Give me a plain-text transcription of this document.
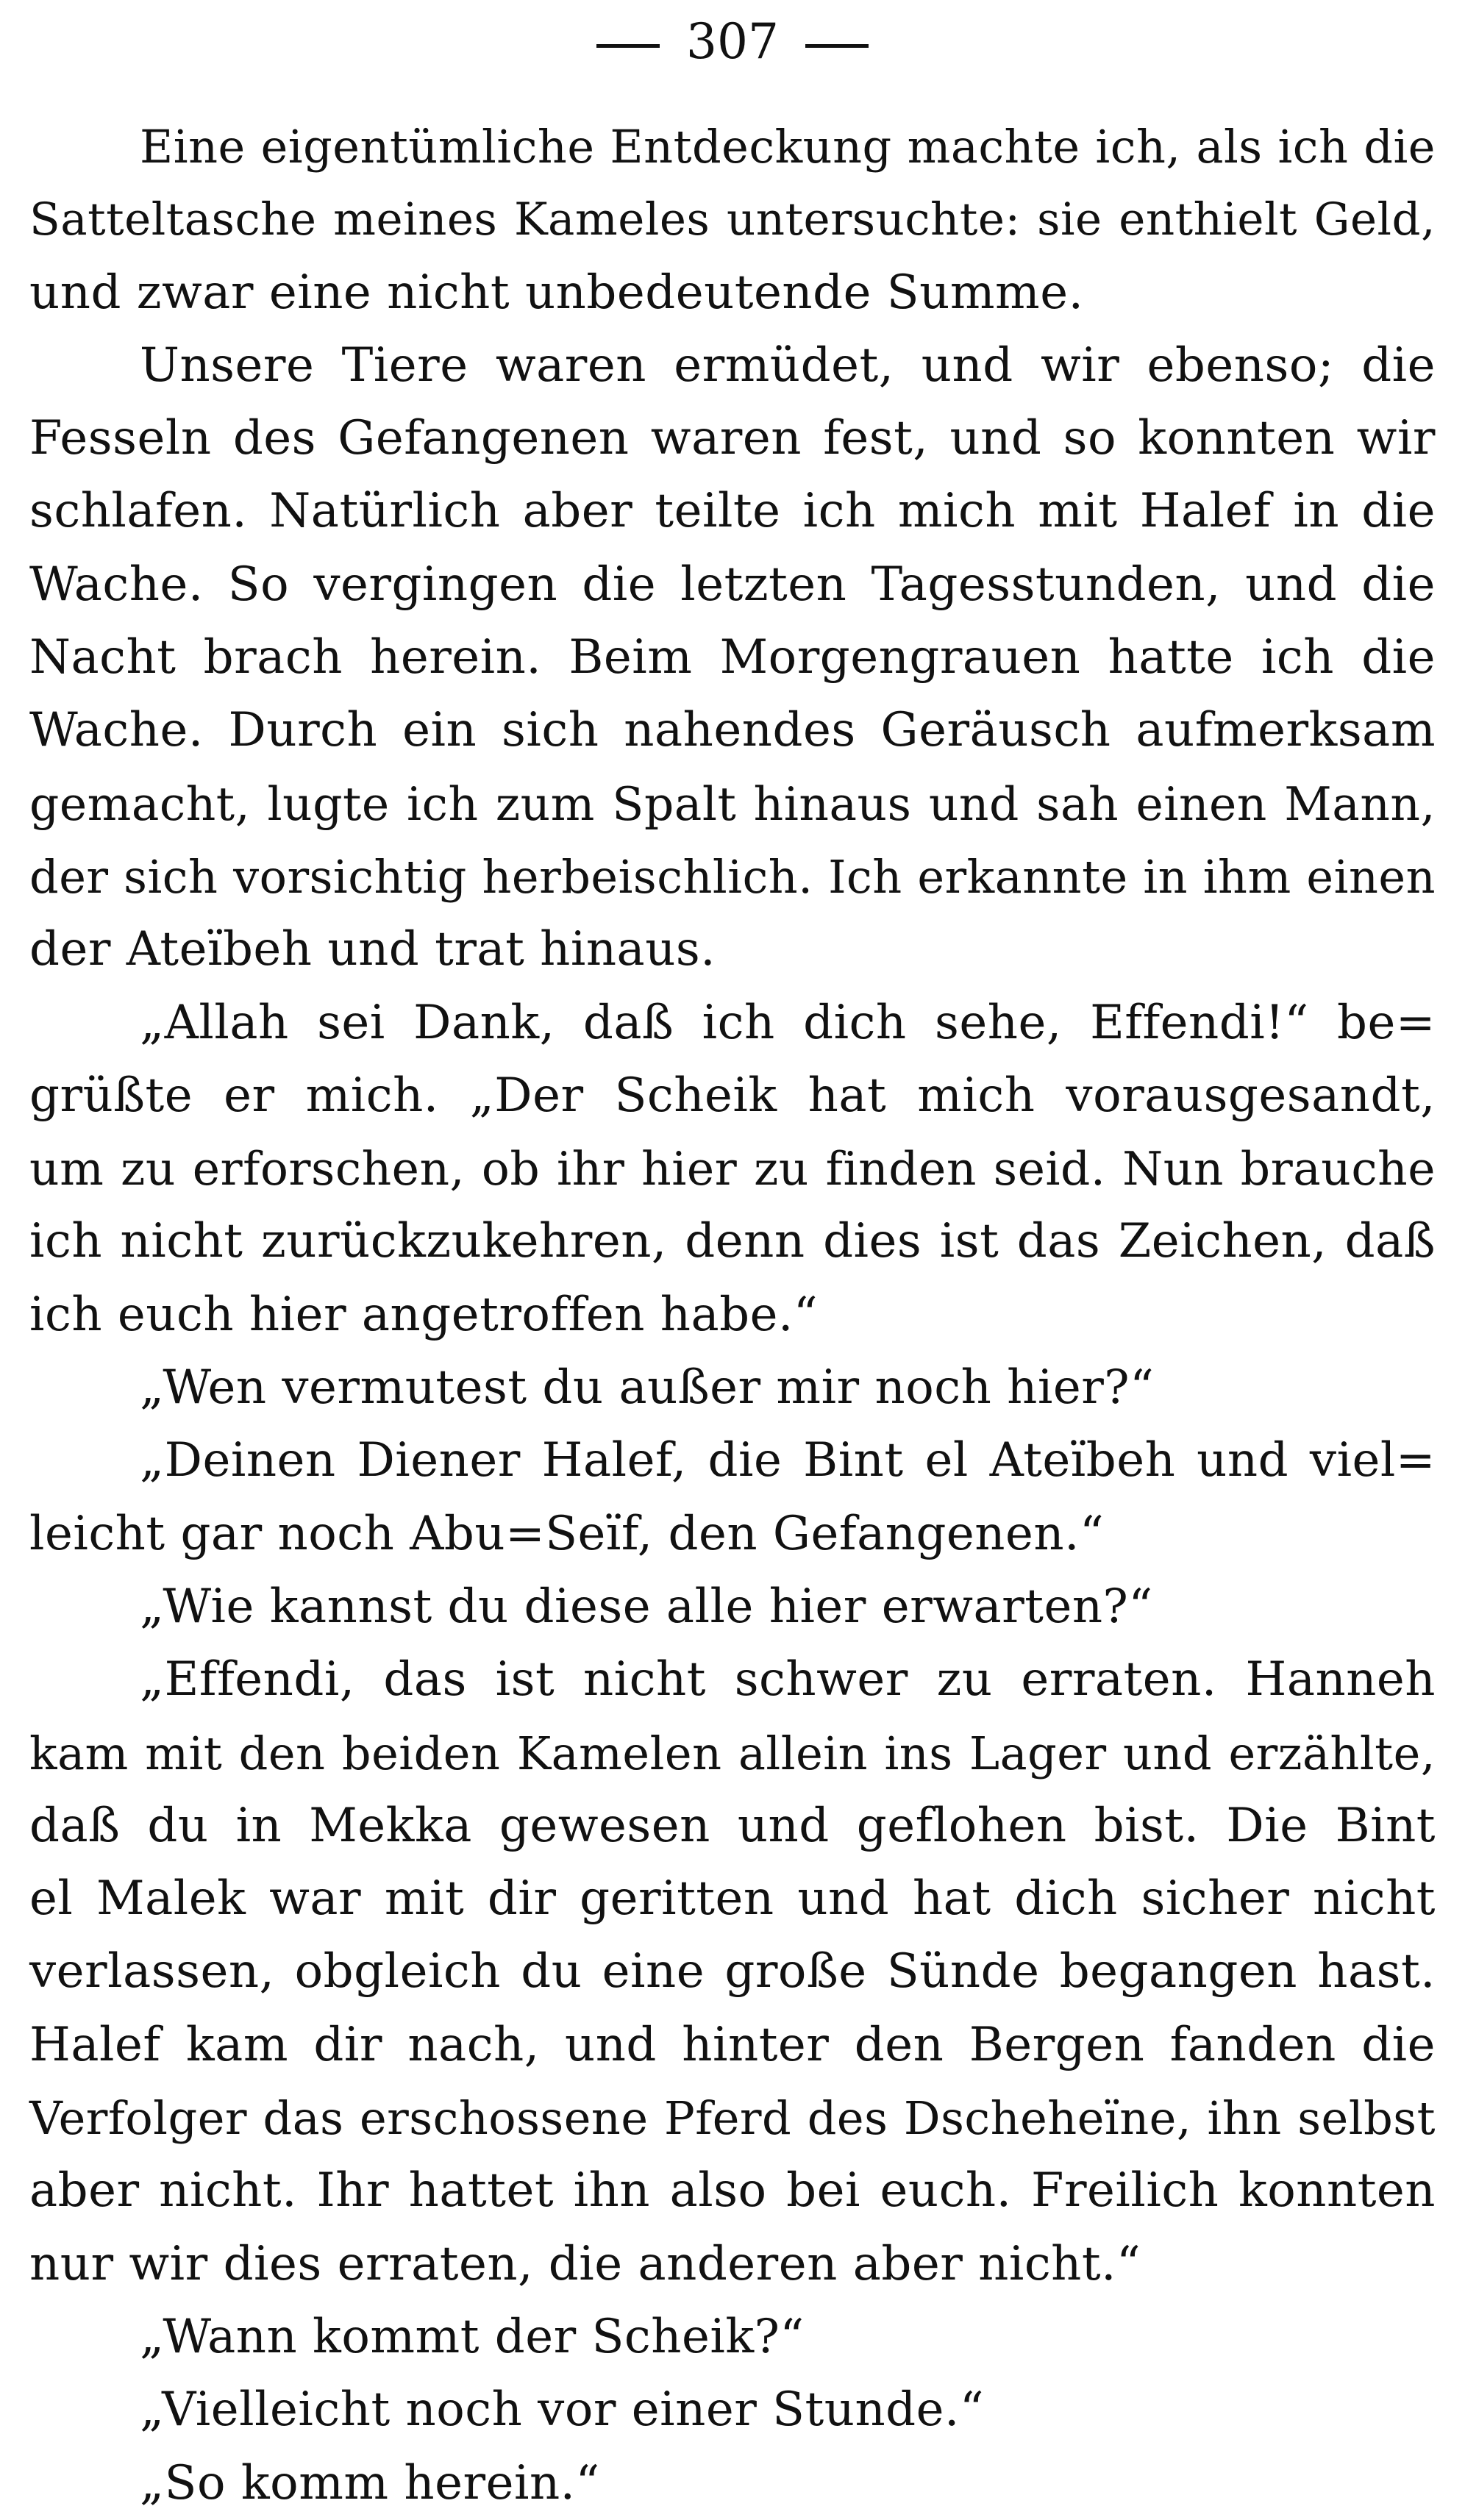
307
Eine eigentümliche Entdeckung machte ich, als ich die
Satteltasche meines Kameles untersuchte: sie enthielt Geld,
und zwar eine nicht unbedeutende Summe.
Unsere Tiere waren ermüdet, und wir ebenso; die
Fesseln des Gefangenen waren fest, und so konnten wir
schlafen. Natürlich aber teilte ich mich mit Halef in die
Wache. So vergingen die letzten Tagesstunden, und die
Nacht brach herein. Beim Morgengrauen hatte ich die
Wache. Durch ein sich nahendes Geräusch aufmerksam
gemacht, lugte ich zum Spalt hinaus und sah einen Mann,
der sich vorsichtig herbeischlich. Ich erkannte in ihm einen
der Ateïbeh und trat hinaus.
„Allah sei Dank, daß ich dich sehe, Effendi!“ be=
grüßte er mich. „Der Scheik hat mich vorausgesandt,
um zu erforschen, ob ihr hier zu finden seid. Nun brauche
ich nicht zurückzukehren, denn dies ist das Zeichen, daß
ich euch hier angetroffen habe.“
„Wen vermutest du außer mir noch hier?“
„Deinen Diener Halef, die Bint el Ateïbeh und viel=
leicht gar noch Abu=Seïf, den Gefangenen.“
„Wie kannst du diese alle hier erwarten?“
„Effendi, das ist nicht schwer zu erraten. Hanneh
kam mit den beiden Kamelen allein ins Lager und erzählte,
daß du in Mekka gewesen und geflohen bist. Die Bint
el Malek war mit dir geritten und hat dich sicher nicht
verlassen, obgleich du eine große Sünde begangen hast.
Halef kam dir nach, und hinter den Bergen fanden die
Verfolger das erschossene Pferd des Dscheheïne, ihn selbst
aber nicht. Ihr hattet ihn also bei euch. Freilich konnten
nur wir dies erraten, die anderen aber nicht.“
„Wann kommt der Scheik?“
„Vielleicht noch vor einer Stunde.“
„So komm herein.“
